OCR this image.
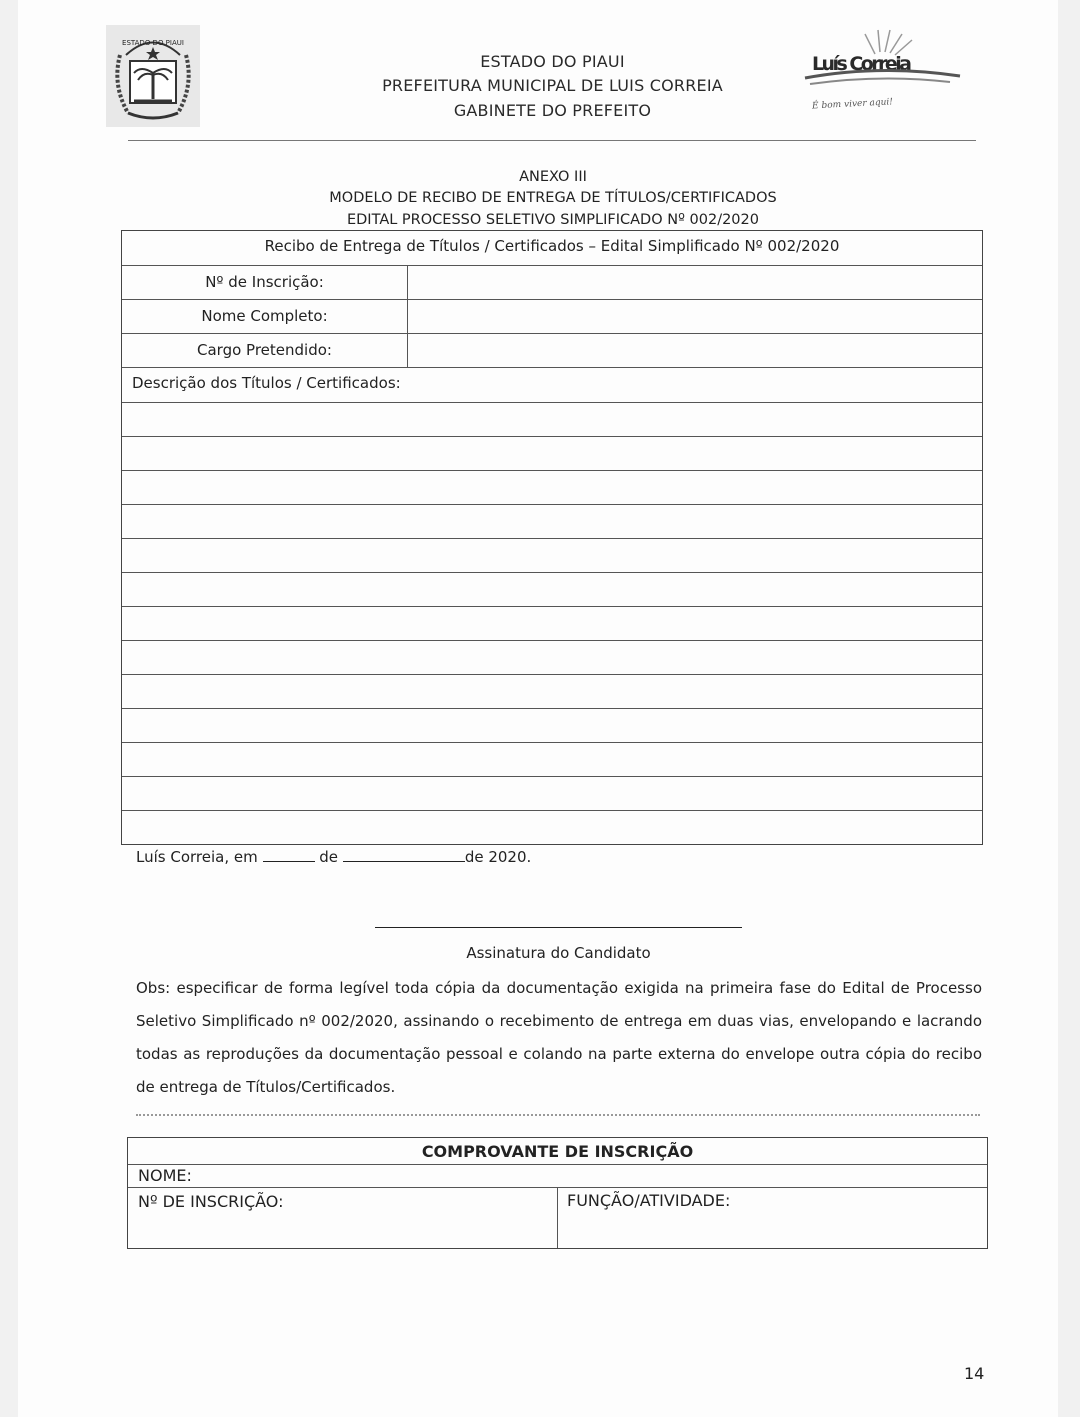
ESTADO DO PIAUI
ESTADO DO PIAUI
PREFEITURA MUNICIPAL DE LUIS CORREIA
GABINETE DO PREFEITO
Luís Correia
É bom viver aqui!
ANEXO III
MODELO DE RECIBO DE ENTREGA DE TÍTULOS/CERTIFICADOS
EDITAL PROCESSO SELETIVO SIMPLIFICADO Nº 002/2020
Recibo de Entrega de Títulos / Certificados – Edital Simplificado Nº 002/2020
Nº de Inscrição:
Nome Completo:
Cargo Pretendido:
Descrição dos Títulos / Certificados:
Luís Correia, em	de	de 2020.
Assinatura do Candidato
Obs: especificar de forma legível toda cópia da documentação exigida na primeira fase do Edital de Processo Seletivo Simplificado nº 002/2020, assinando o recebimento de entrega em duas vias, envelopando e lacrando todas as reproduções da documentação pessoal e colando na parte externa do envelope outra cópia do recibo de entrega de Títulos/Certificados.
COMPROVANTE DE INSCRIÇÃO
NOME:
Nº DE INSCRIÇÃO:	FUNÇÃO/ATIVIDADE:
14
